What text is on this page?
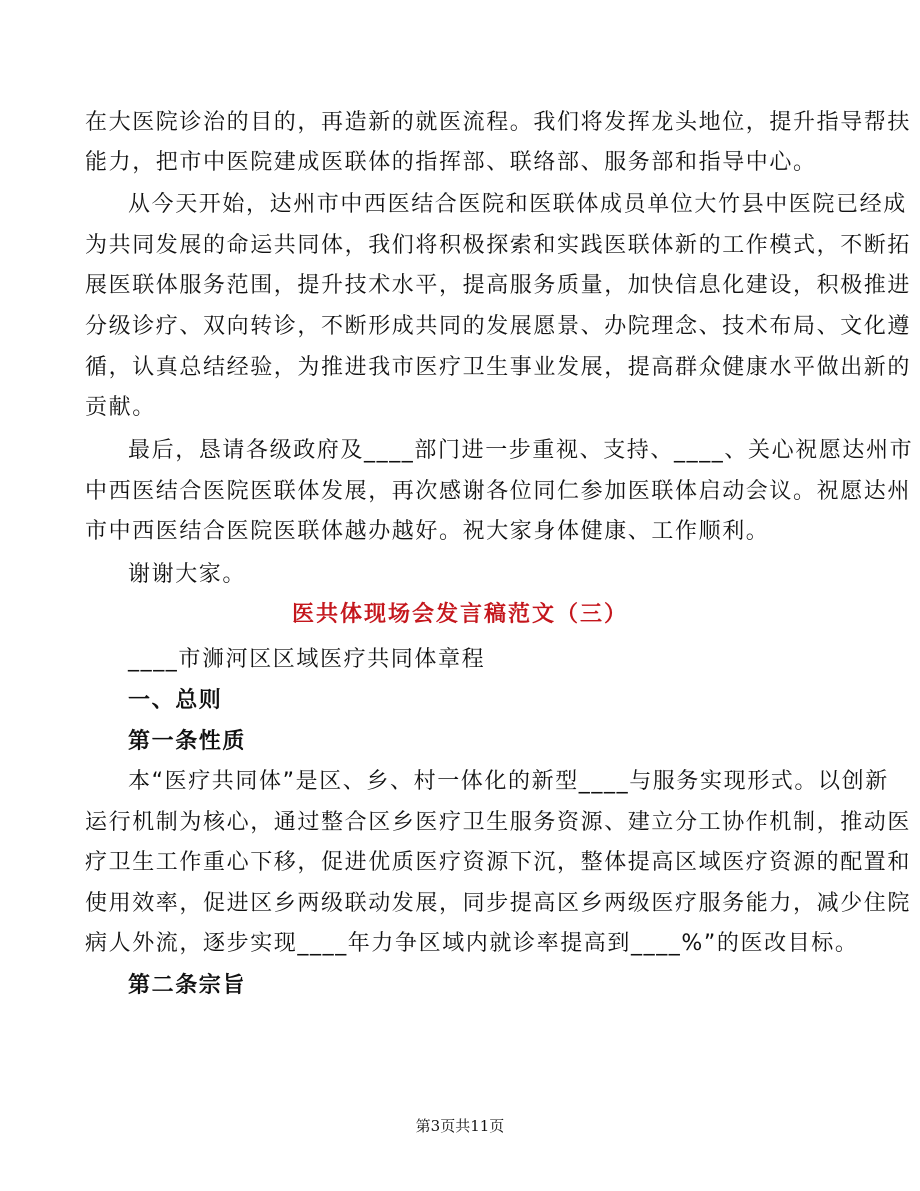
在大医院诊治的目的，再造新的就医流程。我们将发挥龙头地位，提升指导帮扶
能力，把市中医院建成医联体的指挥部、联络部、服务部和指导中心。
从今天开始，达州市中西医结合医院和医联体成员单位大竹县中医院已经成
为共同发展的命运共同体，我们将积极探索和实践医联体新的工作模式，不断拓
展医联体服务范围，提升技术水平，提高服务质量，加快信息化建设，积极推进
分级诊疗、双向转诊，不断形成共同的发展愿景、办院理念、技术布局、文化遵
循，认真总结经验，为推进我市医疗卫生事业发展，提高群众健康水平做出新的
贡献。
最后，恳请各级政府及____部门进一步重视、支持、____、关心祝愿达州市
中西医结合医院医联体发展，再次感谢各位同仁参加医联体启动会议。祝愿达州
市中西医结合医院医联体越办越好。祝大家身体健康、工作顺利。
谢谢大家。
医共体现场会发言稿范文（三）
____市浉河区区域医疗共同体章程
一、总则
第一条性质
本“医疗共同体”是区、乡、村一体化的新型____与服务实现形式。以创新
运行机制为核心，通过整合区乡医疗卫生服务资源、建立分工协作机制，推动医
疗卫生工作重心下移，促进优质医疗资源下沉，整体提高区域医疗资源的配置和
使用效率，促进区乡两级联动发展，同步提高区乡两级医疗服务能力，减少住院
病人外流，逐步实现____年力争区域内就诊率提高到____%”的医改目标。
第二条宗旨
第3页共11页
